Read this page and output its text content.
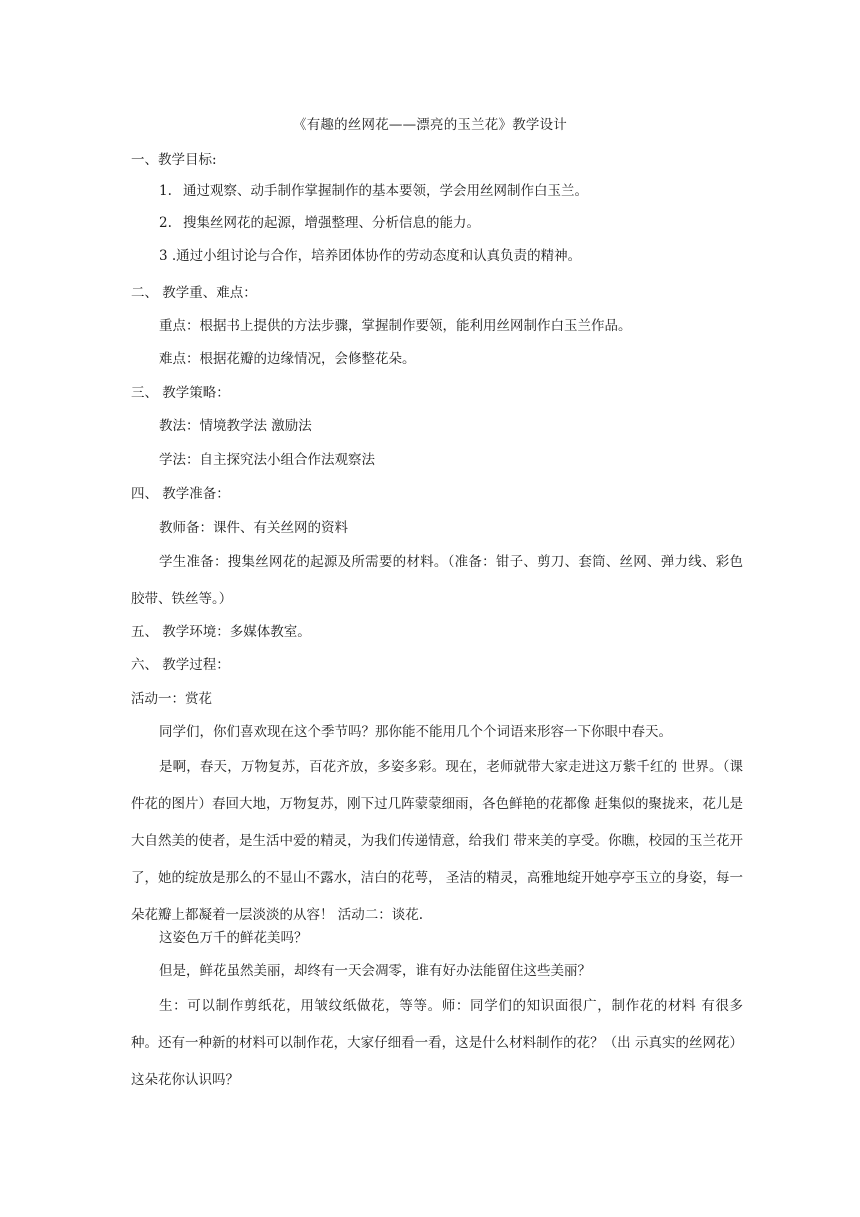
《有趣的丝网花——漂亮的玉兰花》教学设计
一、教学目标:
1. 通过观察、动手制作掌握制作的基本要领，学会用丝网制作白玉兰。
2. 搜集丝网花的起源，增强整理、分析信息的能力。
3 .通过小组讨论与合作，培养团体协作的劳动态度和认真负责的精神。
二、 教学重、难点：
重点：根据书上提供的方法步骤，掌握制作要领，能利用丝网制作白玉兰作品。
难点：根据花瓣的边缘情况，会修整花朵。
三、 教学策略：
教法：情境教学法 激励法
学法：自主探究法小组合作法观察法
四、 教学准备：
教师备：课件、有关丝网的资料
学生准备：搜集丝网花的起源及所需要的材料。（准备：钳子、剪刀、套筒、丝网、弹力线、彩色胶带、铁丝等。）
五、 教学环境：多媒体教室。
六、 教学过程：
活动一：赏花
同学们，你们喜欢现在这个季节吗？那你能不能用几个个词语来形容一下你眼中春天。
是啊，春天，万物复苏，百花齐放，多姿多彩。现在，老师就带大家走进这万紫千红的 世界。（课件花的图片）春回大地，万物复苏，刚下过几阵蒙蒙细雨，各色鲜艳的花都像 赶集似的聚拢来，花儿是大自然美的使者，是生活中爱的精灵，为我们传递情意，给我们 带来美的享受。你瞧，校园的玉兰花开了，她的绽放是那么的不显山不露水，洁白的花萼， 圣洁的精灵，高雅地绽开她亭亭玉立的身姿，每一朵花瓣上都凝着一层淡淡的从容！ 活动二：谈花.
这姿色万千的鲜花美吗？
但是，鲜花虽然美丽，却终有一天会凋零，谁有好办法能留住这些美丽？
生：可以制作剪纸花，用皱纹纸做花，等等。师：同学们的知识面很广，制作花的材料 有很多种。还有一种新的材料可以制作花，大家仔细看一看，这是什么材料制作的花？（出 示真实的丝网花）这朵花你认识吗？
